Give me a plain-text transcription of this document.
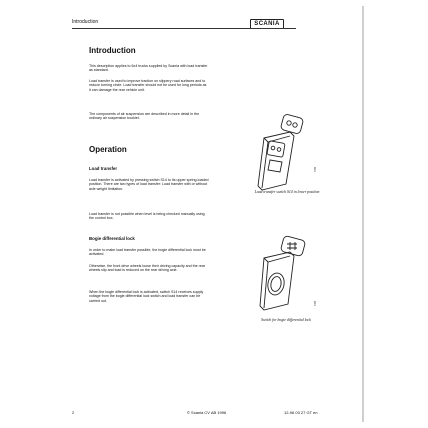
Introduction	SCANIA
Introduction

This description applies to 6x4 trucks supplied by Scania with load transfer as standard.

Load transfer is used to improve traction on slippery road surfaces and to reduce turning circle. Load transfer should not be used for long periods as it can damage the rear vehicle unit.

The components of air suspension are described in more detail in the ordinary air suspension booklet.

Operation
Load transfer

Load transfer is activated by pressing switch S14 to its upper spring-loaded position. There are two types of load transfer: Load transfer with or without axle weight limitation.

Load transfer is not possible when level is being checked manually using the control box.

Bogie differential lock

In order to make load transfer possible, the bogie differential lock must be activated.

Otherwise, the front drive wheels loose their driving capacity and the rear wheels slip and load is reduced on the rear driving axle.

When the bogie differential lock is activated, switch S14 receives supply voltage from the bogie differential lock switch and load transfer can be carried out.

!
Load transfer switch S14 in lower position
!
Switch for bogie differential lock
2	© Scania CV AB 1996	12-96 03 27 GT en
